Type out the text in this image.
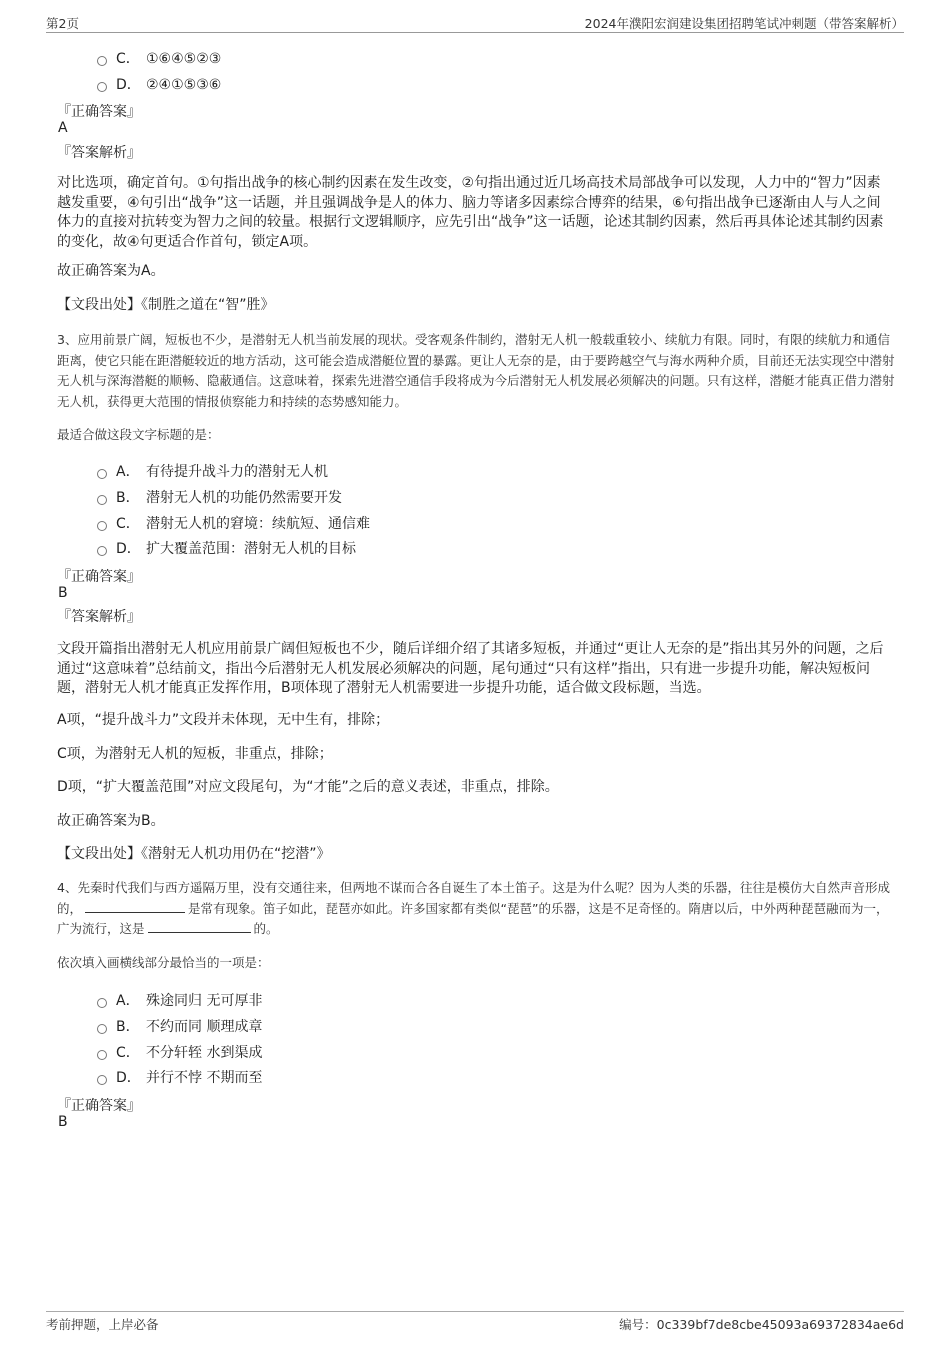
第2页	2024年濮阳宏润建设集团招聘笔试冲刺题（带答案解析）
C． ①⑥④⑤②③
D． ②④①⑤③⑥
『正确答案』
A
『答案解析』
对比选项，确定首句。①句指出战争的核心制约因素在发生改变，②句指出通过近几场高技术局部战争可以发现，人力中的“智力”因素越发重要，④句引出“战争”这一话题，并且强调战争是人的体力、脑力等诸多因素综合博弈的结果，⑥句指出战争已逐渐由人与人之间体力的直接对抗转变为智力之间的较量。根据行文逻辑顺序，应先引出“战争”这一话题，论述其制约因素，然后再具体论述其制约因素的变化，故④句更适合作首句，锁定A项。
故正确答案为A。
【文段出处】《制胜之道在“智”胜》
3、应用前景广阔，短板也不少，是潜射无人机当前发展的现状。受客观条件制约，潜射无人机一般载重较小、续航力有限。同时，有限的续航力和通信距离，使它只能在距潜艇较近的地方活动，这可能会造成潜艇位置的暴露。更让人无奈的是，由于要跨越空气与海水两种介质，目前还无法实现空中潜射无人机与深海潜艇的顺畅、隐蔽通信。这意味着，探索先进潜空通信手段将成为今后潜射无人机发展必须解决的问题。只有这样，潜艇才能真正借力潜射无人机，获得更大范围的情报侦察能力和持续的态势感知能力。
最适合做这段文字标题的是：
A． 有待提升战斗力的潜射无人机
B． 潜射无人机的功能仍然需要开发
C． 潜射无人机的窘境：续航短、通信难
D． 扩大覆盖范围：潜射无人机的目标
『正确答案』
B
『答案解析』
文段开篇指出潜射无人机应用前景广阔但短板也不少，随后详细介绍了其诸多短板，并通过“更让人无奈的是”指出其另外的问题，之后通过“这意味着”总结前文，指出今后潜射无人机发展必须解决的问题，尾句通过“只有这样”指出，只有进一步提升功能，解决短板问题，潜射无人机才能真正发挥作用，B项体现了潜射无人机需要进一步提升功能，适合做文段标题，当选。
A项，“提升战斗力”文段并未体现，无中生有，排除；
C项，为潜射无人机的短板，非重点，排除；
D项，“扩大覆盖范围”对应文段尾句，为“才能”之后的意义表述，非重点，排除。
故正确答案为B。
【文段出处】《潜射无人机功用仍在“挖潜”》
4、先秦时代我们与西方遥隔万里，没有交通往来，但两地不谋而合各自诞生了本土笛子。这是为什么呢？因为人类的乐器，往往是模仿大自然声音形成的，	是常有现象。笛子如此，琵琶亦如此。许多国家都有类似“琵琶”的乐器，这是不足奇怪的。隋唐以后，中外两种琵琶融而为一，广为流行，这是	的。
依次填入画横线部分最恰当的一项是：
A． 殊途同归 无可厚非
B． 不约而同 顺理成章
C． 不分轩轾 水到渠成
D． 并行不悖 不期而至
『正确答案』
B
考前押题，上岸必备	编号：0c339bf7de8cbe45093a69372834ae6d
